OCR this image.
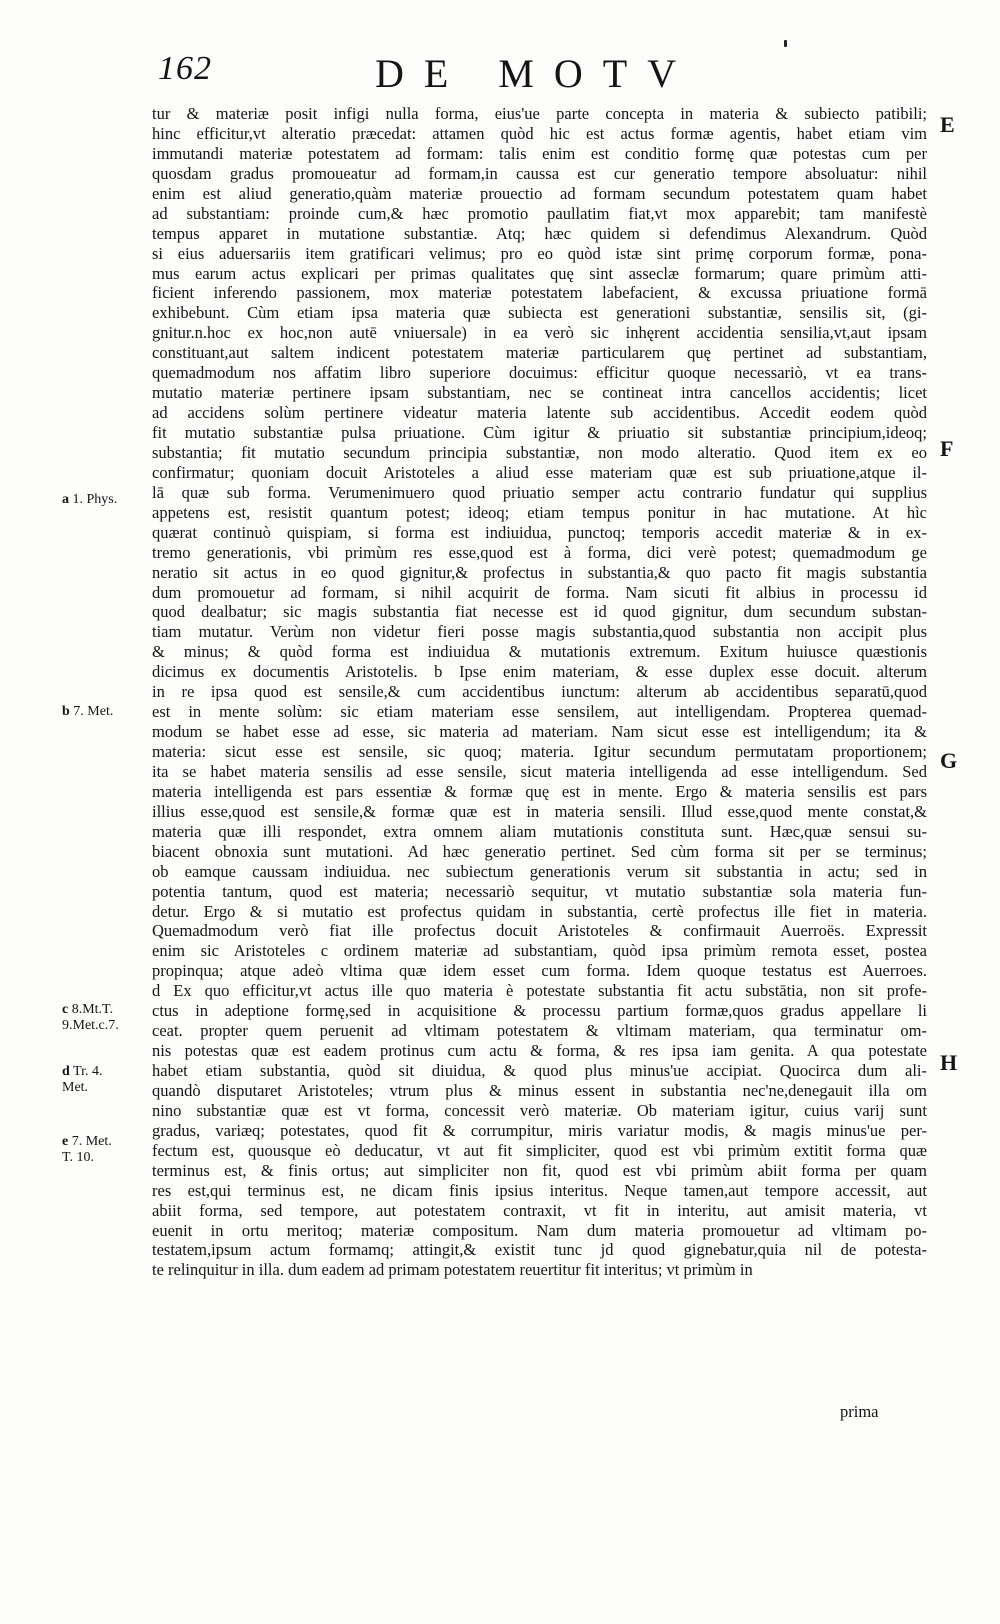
162	DE MOTV
tur & materiæ posit infigi nulla forma, eius'ue parte concepta in materia & subiecto patibili;
hinc efficitur,vt alteratio præcedat: attamen quòd hic est actus formæ agentis, habet etiam vim
immutandi materiæ potestatem ad formam: talis enim est conditio formę quæ potestas cum per
quosdam gradus promoueatur ad formam,in caussa est cur generatio tempore absoluatur: nihil
enim est aliud generatio,quàm materiæ prouectio ad formam secundum potestatem quam habet
ad substantiam: proinde cum,& hæc promotio paullatim fiat,vt mox apparebit; tam manifestè
tempus apparet in mutatione substantiæ. Atq; hæc quidem si defendimus Alexandrum. Quòd
si eius aduersariis item gratificari velimus; pro eo quòd istæ sint primę corporum formæ, pona-
mus earum actus explicari per primas qualitates quę sint asseclæ formarum; quare primùm atti-
ficient inferendo passionem, mox materiæ potestatem labefacient, & excussa priuatione formā
exhibebunt. Cùm etiam ipsa materia quæ subiecta est generationi substantiæ, sensilis sit, (gi-
gnitur.n.hoc ex hoc,non autē vniuersale) in ea verò sic inhęrent accidentia sensilia,vt,aut ipsam
constituant,aut saltem indicent potestatem materiæ particularem quę pertinet ad substantiam,
quemadmodum nos affatim libro superiore docuimus: efficitur quoque necessariò, vt ea trans-
mutatio materiæ pertinere ipsam substantiam, nec se contineat intra cancellos accidentis; licet
ad accidens solùm pertinere videatur materia latente sub accidentibus. Accedit eodem quòd
fit mutatio substantiæ pulsa priuatione. Cùm igitur & priuatio sit substantiæ principium,ideoq;
substantia; fit mutatio secundum principia substantiæ, non modo alteratio. Quod item ex eo
confirmatur; quoniam docuit Aristoteles a aliud esse materiam quæ est sub priuatione,atque il-
lā quæ sub forma. Verumenimuero quod priuatio semper actu contrario fundatur qui supplius
appetens est, resistit quantum potest; ideoq; etiam tempus ponitur in hac mutatione. At hìc
quærat continuò quispiam, si forma est indiuidua, punctoq; temporis accedit materiæ & in ex-
tremo generationis, vbi primùm res esse,quod est à forma, dici verè potest; quemadmodum ge
neratio sit actus in eo quod gignitur,& profectus in substantia,& quo pacto fit magis substantia
dum promouetur ad formam, si nihil acquirit de forma. Nam sicuti fit albius in processu id
quod dealbatur; sic magis substantia fiat necesse est id quod gignitur, dum secundum substan-
tiam mutatur. Verùm non videtur fieri posse magis substantia,quod substantia non accipit plus
& minus; & quòd forma est indiuidua & mutationis extremum. Exitum huiusce quæstionis
dicimus ex documentis Aristotelis. b Ipse enim materiam, & esse duplex esse docuit. alterum
in re ipsa quod est sensile,& cum accidentibus iunctum: alterum ab accidentibus separatū,quod
est in mente solùm: sic etiam materiam esse sensilem, aut intelligendam. Propterea quemad-
modum se habet esse ad esse, sic materia ad materiam. Nam sicut esse est intelligendum; ita &
materia: sicut esse est sensile, sic quoq; materia. Igitur secundum permutatam proportionem;
ita se habet materia sensilis ad esse sensile, sicut materia intelligenda ad esse intelligendum. Sed
materia intelligenda est pars essentiæ & formæ quę est in mente. Ergo & materia sensilis est pars
illius esse,quod est sensile,& formæ quæ est in materia sensili. Illud esse,quod mente constat,&
materia quæ illi respondet, extra omnem aliam mutationis constituta sunt. Hæc,quæ sensui su-
biacent obnoxia sunt mutationi. Ad hæc generatio pertinet. Sed cùm forma sit per se terminus;
ob eamque caussam indiuidua. nec subiectum generationis verum sit substantia in actu; sed in
potentia tantum, quod est materia; necessariò sequitur, vt mutatio substantiæ sola materia fun-
detur. Ergo & si mutatio est profectus quidam in substantia, certè profectus ille fiet in materia.
Quemadmodum verò fiat ille profectus docuit Aristoteles & confirmauit Auerroës. Expressit
enim sic Aristoteles c ordinem materiæ ad substantiam, quòd ipsa primùm remota esset, postea
propinqua; atque adeò vltima quæ idem esset cum forma. Idem quoque testatus est Auerroes.
d Ex quo efficitur,vt actus ille quo materia è potestate substantia fit actu substātia, non sit profe-
ctus in adeptione formę,sed in acquisitione & processu partium formæ,quos gradus appellare li
ceat. propter quem peruenit ad vltimam potestatem & vltimam materiam, qua terminatur om-
nis potestas quæ est eadem protinus cum actu & forma, & res ipsa iam genita. A qua potestate
habet etiam substantia, quòd sit diuidua, & quod plus minus'ue accipiat. Quocirca dum ali-
quandò disputaret Aristoteles; vtrum plus & minus essent in substantia nec'ne,denegauit illa om
nino substantiæ quæ est vt forma, concessit verò materiæ. Ob materiam igitur, cuius varij sunt
gradus, variæq; potestates, quod fit & corrumpitur, miris variatur modis, & magis minus'ue per-
fectum est, quousque eò deducatur, vt aut fit simpliciter, quod est vbi primùm extitit forma quæ
terminus est, & finis ortus; aut simpliciter non fit, quod est vbi primùm abiit forma per quam
res est,qui terminus est, ne dicam finis ipsius interitus. Neque tamen,aut tempore accessit, aut
abiit forma, sed tempore, aut potestatem contraxit, vt fit in interitu, aut amisit materia, vt
euenit in ortu meritoq; materiæ compositum. Nam dum materia promouetur ad vltimam po-
testatem,ipsum actum formamq; attingit,& existit tunc jd quod gignebatur,quia nil de potesta-
te relinquitur in illa. dum eadem ad primam potestatem reuertitur fit interitus; vt primùm in
prima
a 1. Phys.
b 7. Met.
c 8.Mt.T.
9.Met.c.7.
d Tr. 4.
Met.
e 7. Met.
T. 10.
E
F
G
H
